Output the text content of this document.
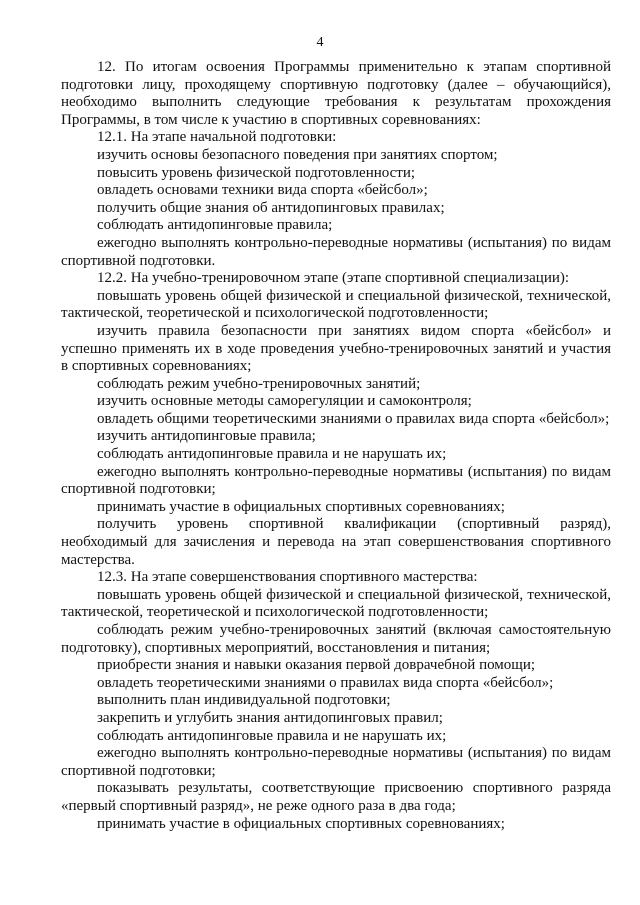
4

12. По итогам освоения Программы применительно к этапам спортивной подготовки лицу, проходящему спортивную подготовку (далее – обучающийся), необходимо выполнить следующие требования к результатам прохождения Программы, в том числе к участию в спортивных соревнованиях:

12.1. На этапе начальной подготовки:

изучить основы безопасного поведения при занятиях спортом;

повысить уровень физической подготовленности;

овладеть основами техники вида спорта «бейсбол»;

получить общие знания об антидопинговых правилах;

соблюдать антидопинговые правила;

ежегодно выполнять контрольно-переводные нормативы (испытания) по видам спортивной подготовки.

12.2. На учебно-тренировочном этапе (этапе спортивной специализации):

повышать уровень общей физической и специальной физической, технической, тактической, теоретической и психологической подготовленности;

изучить правила безопасности при занятиях видом спорта «бейсбол» и успешно применять их в ходе проведения учебно-тренировочных занятий и участия в спортивных соревнованиях;

соблюдать режим учебно-тренировочных занятий;

изучить основные методы саморегуляции и самоконтроля;

овладеть общими теоретическими знаниями о правилах вида спорта «бейсбол»;

изучить антидопинговые правила;

соблюдать антидопинговые правила и не нарушать их;

ежегодно выполнять контрольно-переводные нормативы (испытания) по видам спортивной подготовки;

принимать участие в официальных спортивных соревнованиях;

получить уровень спортивной квалификации (спортивный разряд), необходимый для зачисления и перевода на этап совершенствования спортивного мастерства.

12.3. На этапе совершенствования спортивного мастерства:

повышать уровень общей физической и специальной физической, технической, тактической, теоретической и психологической подготовленности;

соблюдать режим учебно-тренировочных занятий (включая самостоятельную подготовку), спортивных мероприятий, восстановления и питания;

приобрести знания и навыки оказания первой доврачебной помощи;

овладеть теоретическими знаниями о правилах вида спорта «бейсбол»;

выполнить план индивидуальной подготовки;

закрепить и углубить знания антидопинговых правил;

соблюдать антидопинговые правила и не нарушать их;

ежегодно выполнять контрольно-переводные нормативы (испытания) по видам спортивной подготовки;

показывать результаты, соответствующие присвоению спортивного разряда «первый спортивный разряд», не реже одного раза в два года;

принимать участие в официальных спортивных соревнованиях;
